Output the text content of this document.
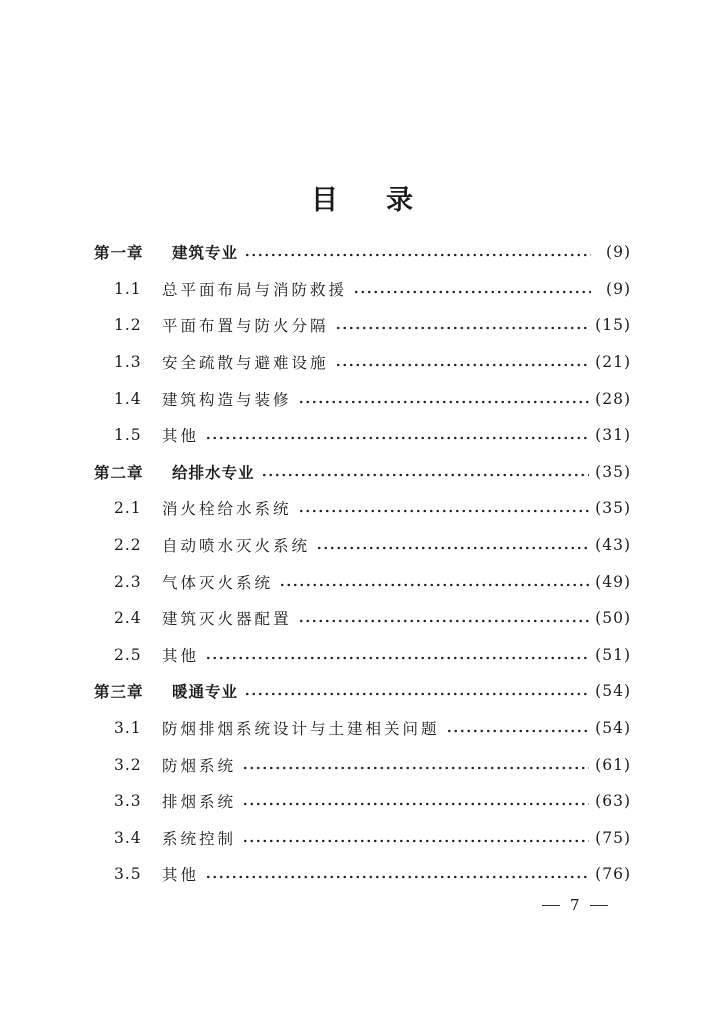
目 录
第一章	建筑专业	(9)
1.1	总平面布局与消防救援	(9)
1.2	平面布置与防火分隔	(15)
1.3	安全疏散与避难设施	(21)
1.4	建筑构造与装修	(28)
1.5	其他	(31)
第二章	给排水专业	(35)
2.1	消火栓给水系统	(35)
2.2	自动喷水灭火系统	(43)
2.3	气体灭火系统	(49)
2.4	建筑灭火器配置	(50)
2.5	其他	(51)
第三章	暖通专业	(54)
3.1	防烟排烟系统设计与土建相关问题	(54)
3.2	防烟系统	(61)
3.3	排烟系统	(63)
3.4	系统控制	(75)
3.5	其他	(76)
7
